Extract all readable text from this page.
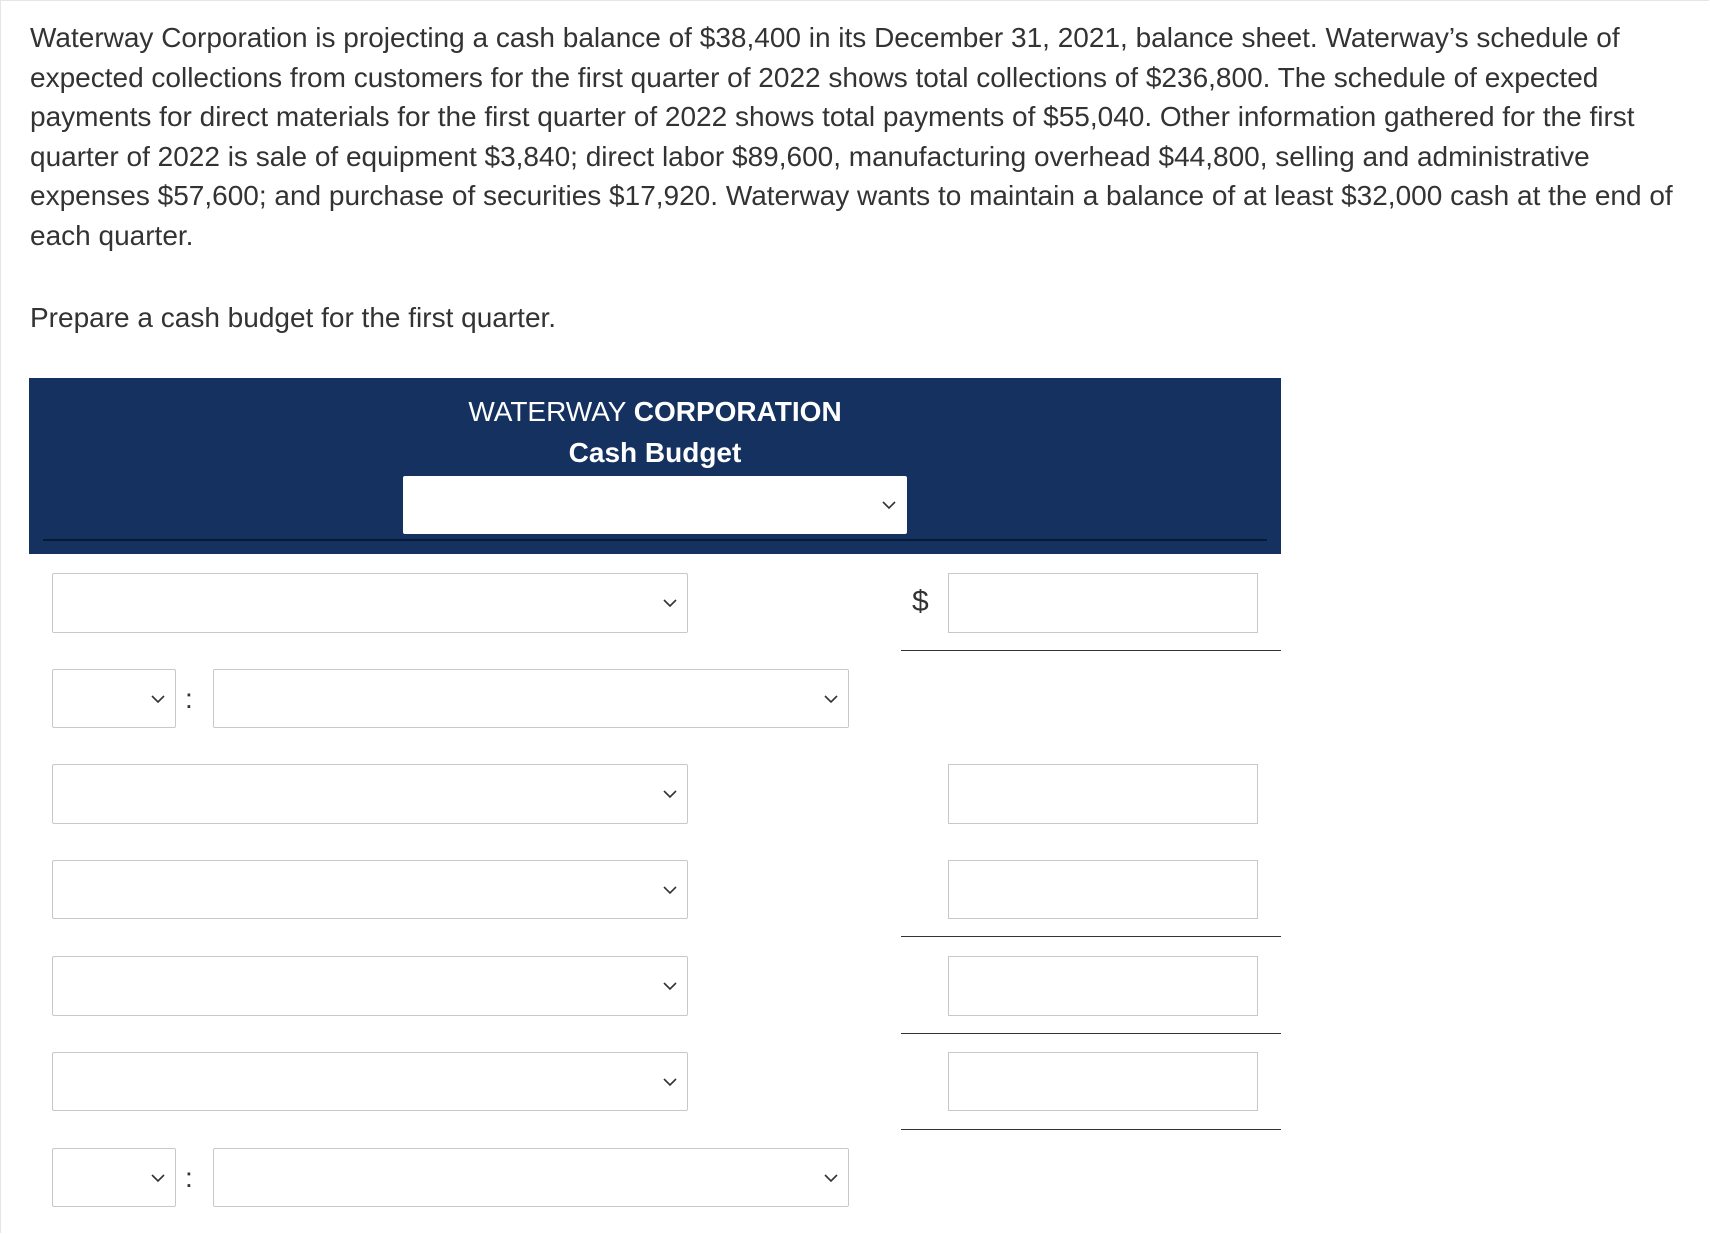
Waterway Corporation is projecting a cash balance of $38,400 in its December 31, 2021, balance sheet. Waterway’s schedule of expected collections from customers for the first quarter of 2022 shows total collections of $236,800. The schedule of expected payments for direct materials for the first quarter of 2022 shows total payments of $55,040. Other information gathered for the first quarter of 2022 is sale of equipment $3,840; direct labor $89,600, manufacturing overhead $44,800, selling and administrative expenses $57,600; and purchase of securities $17,920. Waterway wants to maintain a balance of at least $32,000 cash at the end of each quarter.

Prepare a cash budget for the first quarter.

WATERWAY CORPORATION

Cash Budget

$
:
:
